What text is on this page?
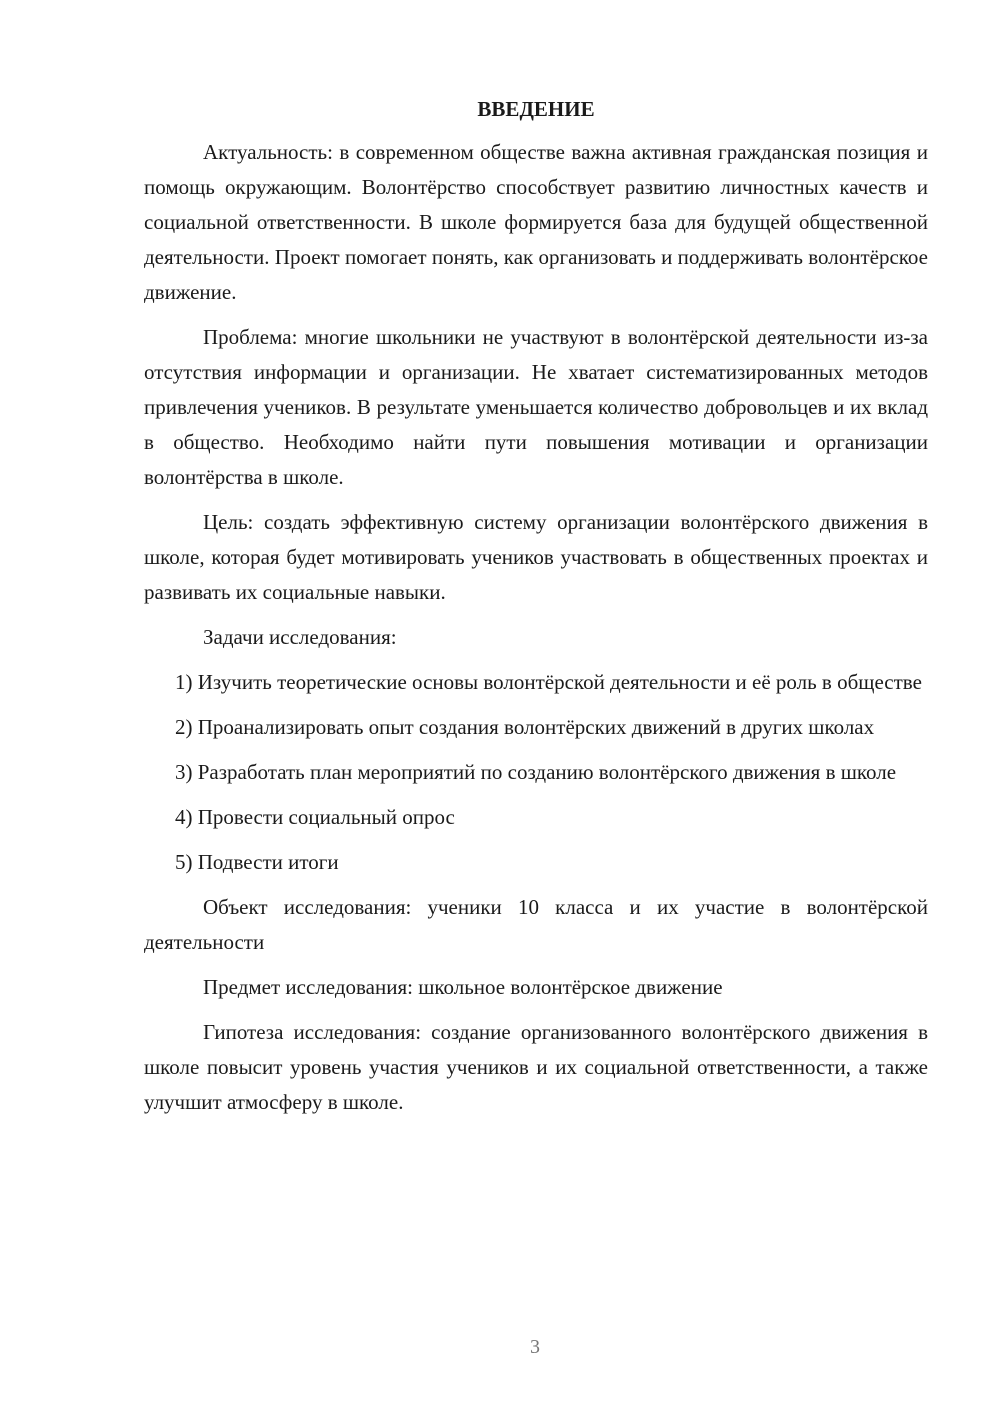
ВВЕДЕНИЕ

Актуальность: в современном обществе важна активная гражданская позиция и помощь окружающим. Волонтёрство способствует развитию личностных качеств и социальной ответственности. В школе формируется база для будущей общественной деятельности. Проект помогает понять, как организовать и поддерживать волонтёрское движение.

Проблема: многие школьники не участвуют в волонтёрской деятельности из-за отсутствия информации и организации. Не хватает систематизированных методов привлечения учеников. В результате уменьшается количество добровольцев и их вклад в общество. Необходимо найти пути повышения мотивации и организации волонтёрства в школе.

Цель: создать эффективную систему организации волонтёрского движения в школе, которая будет мотивировать учеников участвовать в общественных проектах и развивать их социальные навыки.

Задачи исследования:

1) Изучить теоретические основы волонтёрской деятельности и её роль в обществе

2) Проанализировать опыт создания волонтёрских движений в других школах

3) Разработать план мероприятий по созданию волонтёрского движения в школе

4) Провести социальный опрос

5) Подвести итоги

Объект исследования: ученики 10 класса и их участие в волонтёрской деятельности

Предмет исследования: школьное волонтёрское движение

Гипотеза исследования: создание организованного волонтёрского движения в школе повысит уровень участия учеников и их социальной ответственности, а также улучшит атмосферу в школе.

3
